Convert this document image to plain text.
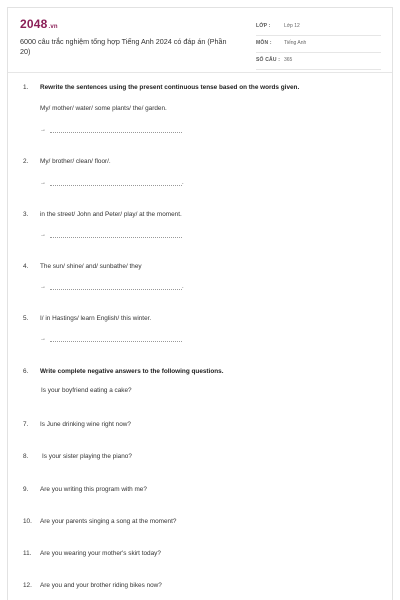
2048.vn
6000 câu trắc nghiệm tổng hợp Tiếng Anh 2024 có đáp án (Phần 20)
LỚP :	Lớp 12
MÔN : Tiếng Anh
SỐ CÂU : 365
1.	Rewrite the sentences using the present continuous tense based on the words given.
My/ mother/ water/ some plants/ the/ garden.
→
2.	My/ brother/ clean/ floor/.
→	.
3.	in the street/ John and Peter/ play/ at the moment.
→
4.	The sun/ shine/ and/ sunbathe/ they
→	.
5.	I/ in Hastings/ learn English/ this winter.
→
6.	Write complete negative answers to the following questions.
Is your boyfriend eating a cake?
7.	Is June drinking wine right now?
8.	Is your sister playing the piano?
9.	Are you writing this program with me?
10.	Are your parents singing a song at the moment?
11.	Are you wearing your mother's skirt today?
12.	Are you and your brother riding bikes now?
